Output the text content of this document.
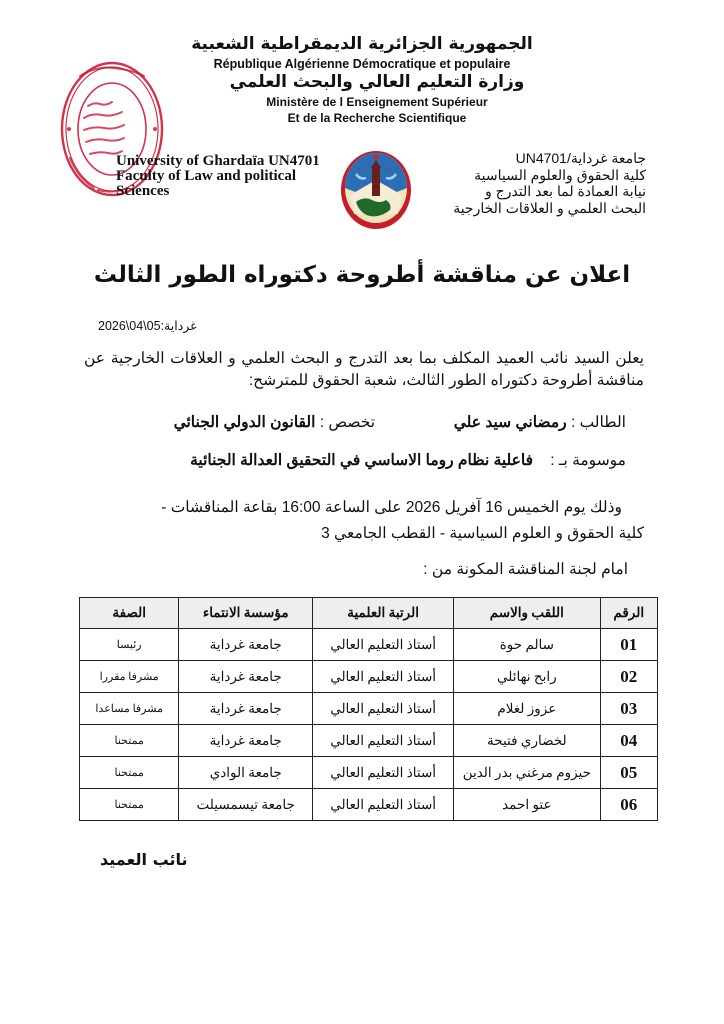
الجمهورية الجزائرية الديمقراطية الشعبية
République Algérienne Démocratique et populaire
وزارة التعليم العالي والبحث العلمي
Ministère de l Enseignement Supérieur
Et de la Recherche Scientifique
University of Ghardaïa UN4701
Faculty of Law and political
Sciences
٭٭	٭٭
جامعة غرداية/UN4701
كلية الحقوق والعلوم السياسية
نيابة العمادة لما بعد التدرج و
البحث العلمي و العلاقات الخارجية
اعلان عن مناقشة أطروحة دكتوراه الطور الثالث
غرداية:2026\04\05
يعلن السيد نائب العميد المكلف بما بعد التدرج و البحث العلمي و العلاقات الخارجية عن مناقشة أطروحة دكتوراه الطور الثالث، شعبة الحقوق للمترشح:
الطالب : رمضاني سيد علي  تخصص : القانون الدولي الجنائي
موسومة بـ :    فاعلية نظام روما الاساسي في التحقيق العدالة الجنائية

وذلك يوم الخميس 16 آفريل 2026 على الساعة 16:00 بقاعة المناقشات -

كلية الحقوق و العلوم السياسية - القطب الجامعي 3

امام لجنة المناقشة المكونة من :
الرقم	اللقب والاسم	الرتبة العلمية	مؤسسة الانتماء	الصفة
01	سالم حوة	أستاذ التعليم العالي	جامعة غرداية	رئيسا
02	رابح نهائلي	أستاذ التعليم العالي	جامعة غرداية	مشرفا مقررا
03	عزوز لغلام	أستاذ التعليم العالي	جامعة غرداية	مشرفا مساعدا
04	لخضاري فتيحة	أستاذ التعليم العالي	جامعة غرداية	ممتحنا
05	حيزوم مرغني بدر الدين	أستاذ التعليم العالي	جامعة الوادي	ممتحنا
06	عتو احمد	أستاذ التعليم العالي	جامعة تيسمسيلت	ممتحنا
نائب العميد
